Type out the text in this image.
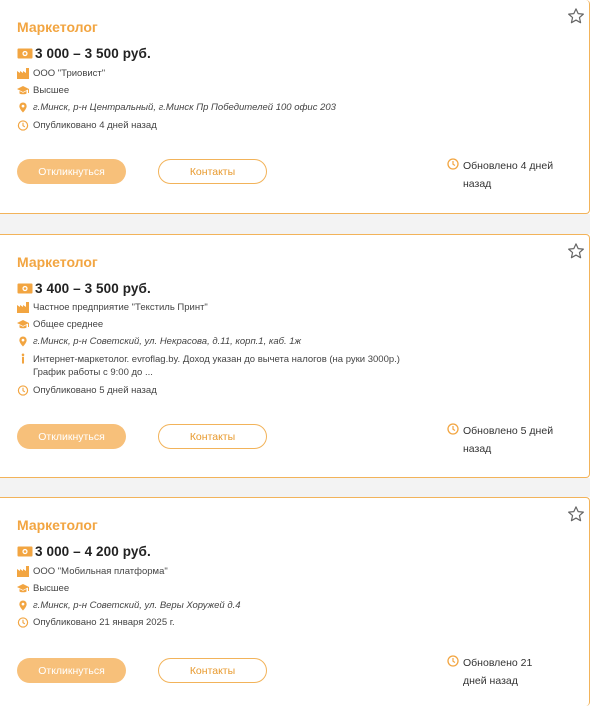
Маркетолог
3 000 – 3 500 руб.
ООО "Триовист"
Высшее
г.Минск, р-н Центральный, г.Минск Пр Победителей 100 офис 203
Опубликовано 4 дней назад
Откликнуться	Контакты	Обновлено 4 дней назад
Маркетолог
3 400 – 3 500 руб.
Частное предприятие "Текстиль Принт"
Общее среднее
г.Минск, р-н Советский, ул. Некрасова, д.11, корп.1, каб. 1ж
Интернет-маркетолог. evroflag.by. Доход указан до вычета налогов (на руки 3000р.) График работы с 9:00 до ...
Опубликовано 5 дней назад
Откликнуться	Контакты	Обновлено 5 дней назад
Маркетолог
3 000 – 4 200 руб.
ООО "Мобильная платформа"
Высшее
г.Минск, р-н Советский, ул. Веры Хоружей д.4
Опубликовано 21 января 2025 г.
Откликнуться	Контакты
Обновлено 21 дней назад
